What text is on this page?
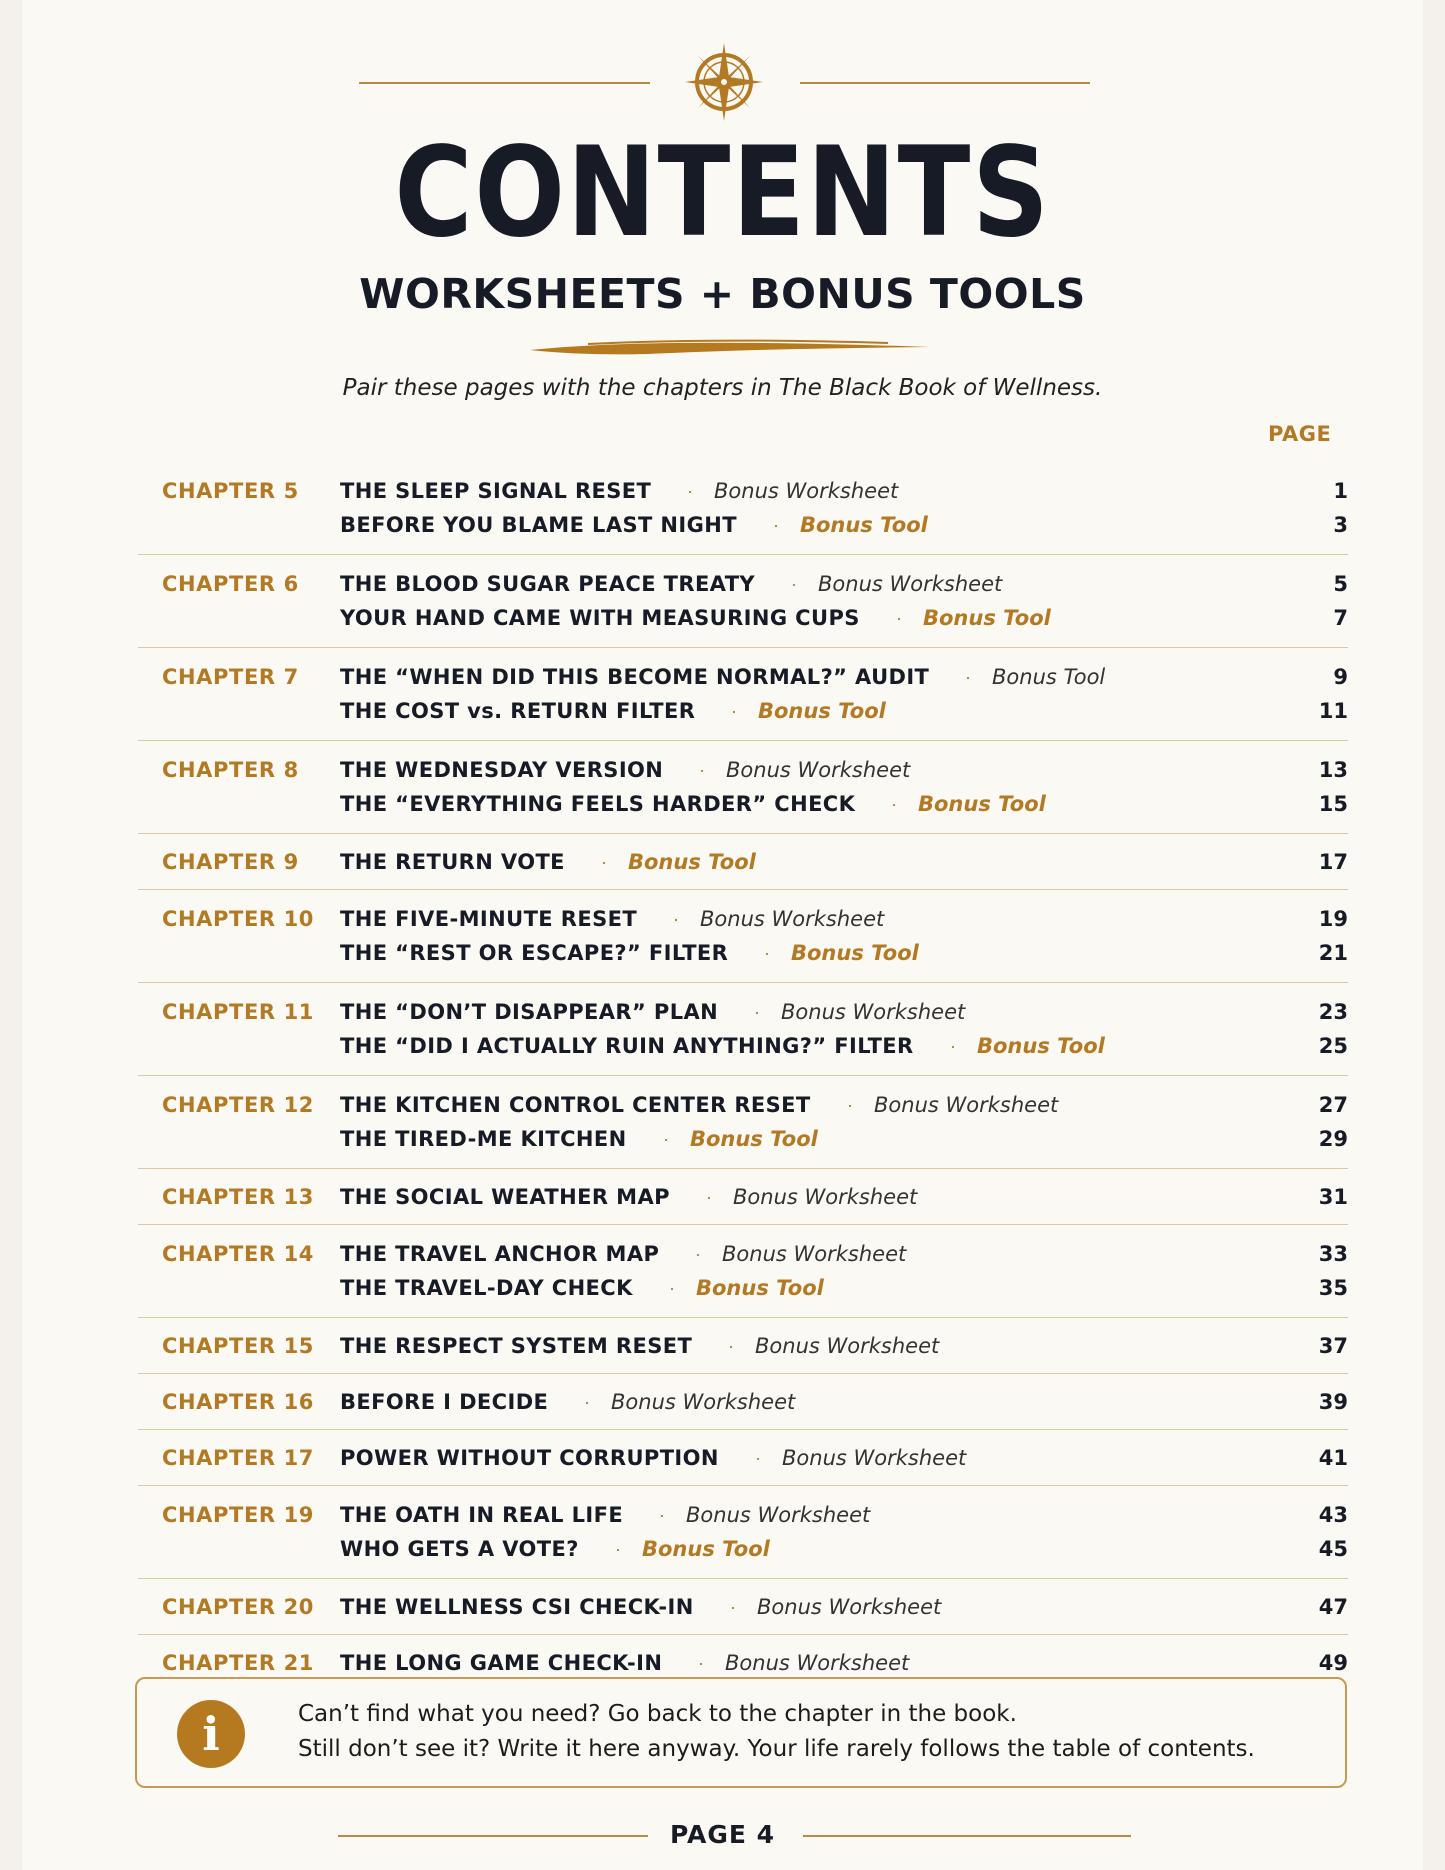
CONTENTS
WORKSHEETS + BONUS TOOLS
Pair these pages with the chapters in The Black Book of Wellness.
PAGE
CHAPTER 5 THE SLEEP SIGNAL RESET · Bonus Worksheet	1
BEFORE YOU BLAME LAST NIGHT · Bonus Tool	3
CHAPTER 6 THE BLOOD SUGAR PEACE TREATY · Bonus Worksheet	5
YOUR HAND CAME WITH MEASURING CUPS · Bonus Tool	7
CHAPTER 7 THE “WHEN DID THIS BECOME NORMAL?” AUDIT · Bonus Tool	9
THE COST vs. RETURN FILTER · Bonus Tool	11
CHAPTER 8 THE WEDNESDAY VERSION · Bonus Worksheet	13
THE “EVERYTHING FEELS HARDER” CHECK · Bonus Tool	15
CHAPTER 9 THE RETURN VOTE · Bonus Tool	17
CHAPTER 10 THE FIVE-MINUTE RESET · Bonus Worksheet	19
THE “REST OR ESCAPE?” FILTER · Bonus Tool	21
CHAPTER 11 THE “DON’T DISAPPEAR” PLAN · Bonus Worksheet	23
THE “DID I ACTUALLY RUIN ANYTHING?” FILTER · Bonus Tool	25
CHAPTER 12 THE KITCHEN CONTROL CENTER RESET · Bonus Worksheet	27
THE TIRED-ME KITCHEN · Bonus Tool	29
CHAPTER 13 THE SOCIAL WEATHER MAP · Bonus Worksheet	31
CHAPTER 14 THE TRAVEL ANCHOR MAP · Bonus Worksheet	33
THE TRAVEL-DAY CHECK · Bonus Tool	35
CHAPTER 15 THE RESPECT SYSTEM RESET · Bonus Worksheet	37
CHAPTER 16 BEFORE I DECIDE · Bonus Worksheet	39
CHAPTER 17 POWER WITHOUT CORRUPTION · Bonus Worksheet	41
CHAPTER 19 THE OATH IN REAL LIFE · Bonus Worksheet	43
WHO GETS A VOTE? · Bonus Tool	45
CHAPTER 20 THE WELLNESS CSI CHECK-IN · Bonus Worksheet	47
CHAPTER 21 THE LONG GAME CHECK-IN · Bonus Worksheet	49
i	Can’t find what you need? Go back to the chapter in the book.
Still don’t see it? Write it here anyway. Your life rarely follows the table of contents.
PAGE 4
